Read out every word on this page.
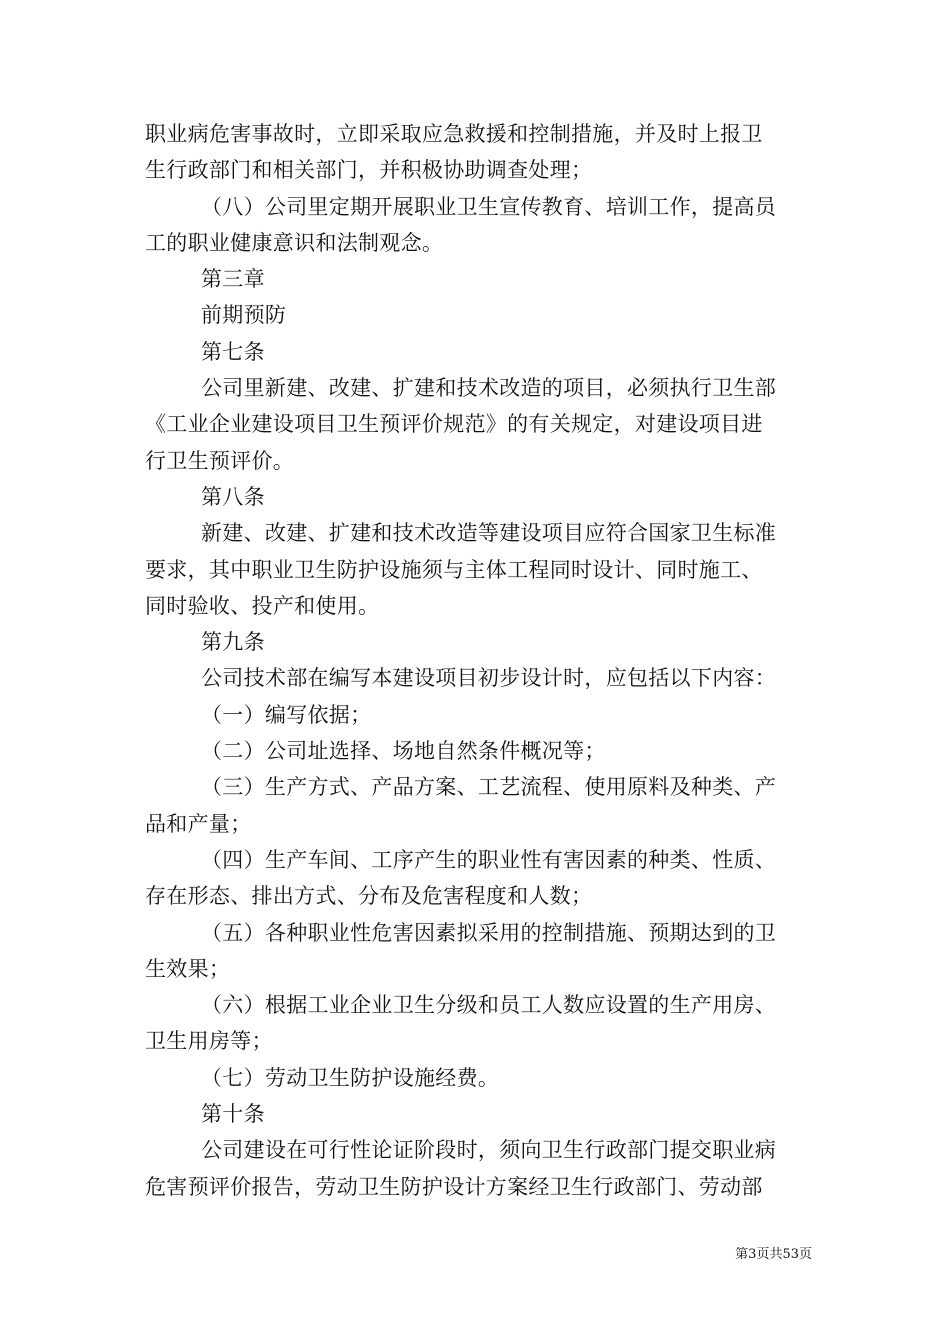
职业病危害事故时，立即采取应急救援和控制措施，并及时上报卫
生行政部门和相关部门，并积极协助调查处理；
（八）公司里定期开展职业卫生宣传教育、培训工作，提高员
工的职业健康意识和法制观念。
第三章
前期预防
第七条
公司里新建、改建、扩建和技术改造的项目，必须执行卫生部
《工业企业建设项目卫生预评价规范》的有关规定，对建设项目进
行卫生预评价。
第八条
新建、改建、扩建和技术改造等建设项目应符合国家卫生标准
要求，其中职业卫生防护设施须与主体工程同时设计、同时施工、
同时验收、投产和使用。
第九条
公司技术部在编写本建设项目初步设计时，应包括以下内容：
（一）编写依据；
（二）公司址选择、场地自然条件概况等；
（三）生产方式、产品方案、工艺流程、使用原料及种类、产
品和产量；
（四）生产车间、工序产生的职业性有害因素的种类、性质、
存在形态、排出方式、分布及危害程度和人数；
（五）各种职业性危害因素拟采用的控制措施、预期达到的卫
生效果；
（六）根据工业企业卫生分级和员工人数应设置的生产用房、
卫生用房等；
（七）劳动卫生防护设施经费。
第十条
公司建设在可行性论证阶段时，须向卫生行政部门提交职业病
危害预评价报告，劳动卫生防护设计方案经卫生行政部门、劳动部
第3页共53页
